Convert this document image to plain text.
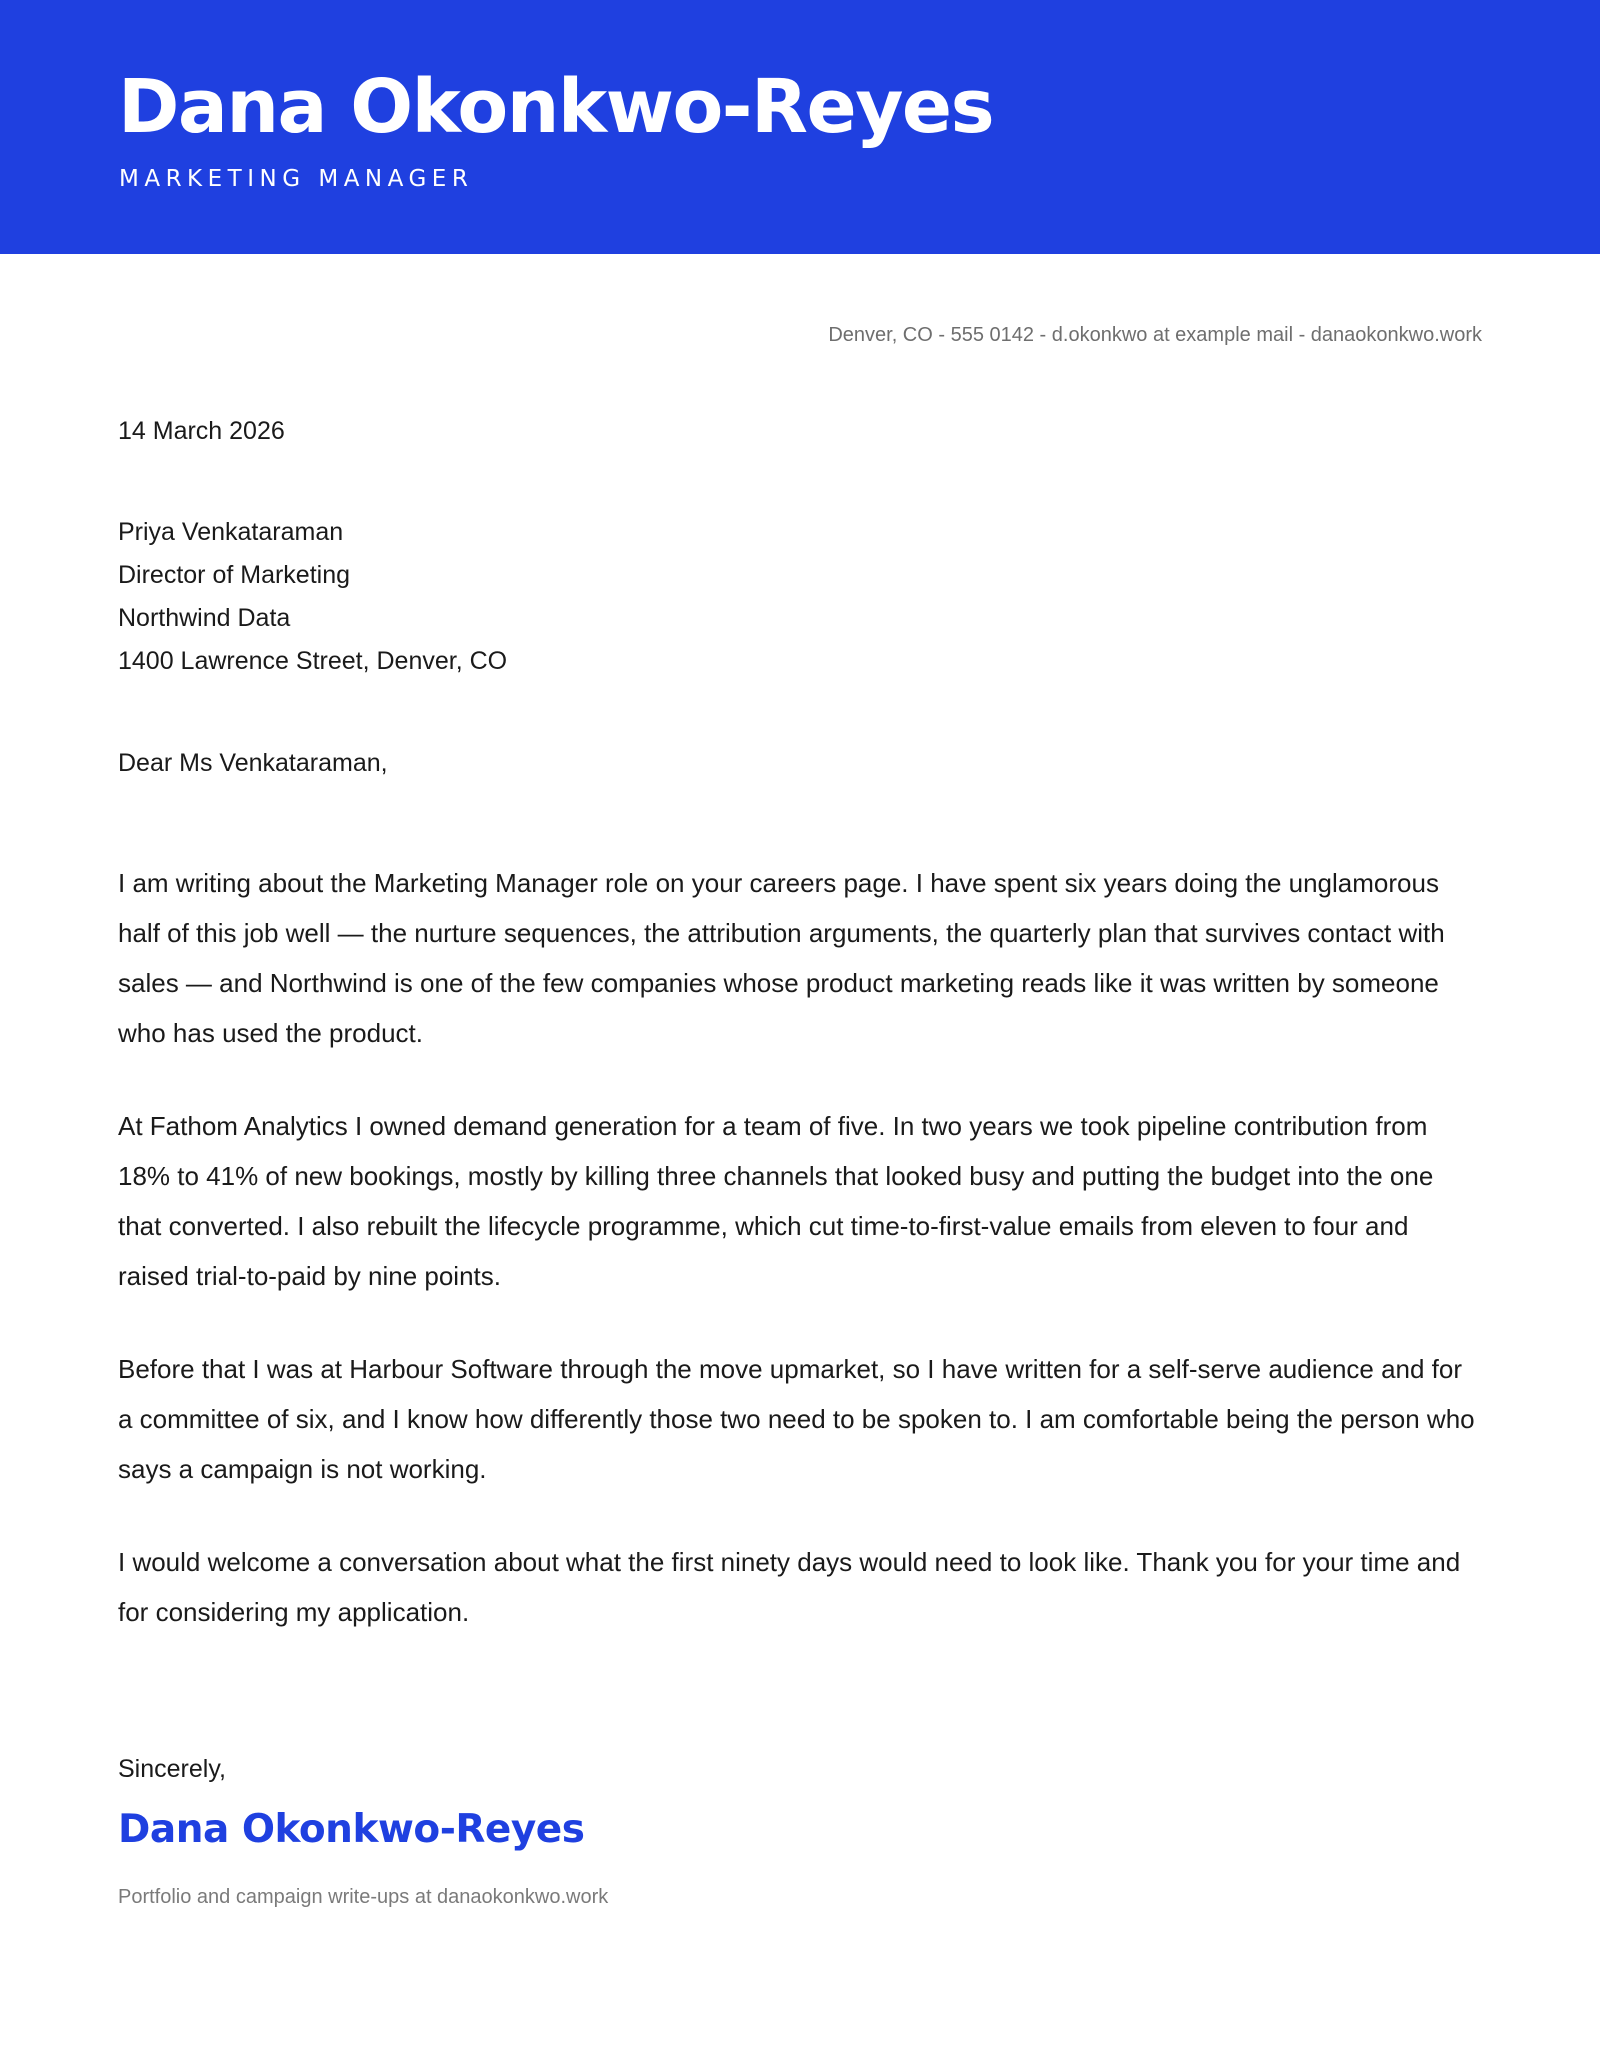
Dana Okonkwo-Reyes
MARKETING MANAGER
Denver, CO - 555 0142 - d.okonkwo at example mail - danaokonkwo.work
14 March 2026
Priya Venkataraman
Director of Marketing
Northwind Data
1400 Lawrence Street, Denver, CO
Dear Ms Venkataraman,

I am writing about the Marketing Manager role on your careers page. I have spent six years doing the unglamorous half of this job well — the nurture sequences, the attribution arguments, the quarterly plan that survives contact with sales — and Northwind is one of the few companies whose product marketing reads like it was written by someone who has used the product.

At Fathom Analytics I owned demand generation for a team of five. In two years we took pipeline contribution from 18% to 41% of new bookings, mostly by killing three channels that looked busy and putting the budget into the one that converted. I also rebuilt the lifecycle programme, which cut time-to-first-value emails from eleven to four and raised trial-to-paid by nine points.

Before that I was at Harbour Software through the move upmarket, so I have written for a self-serve audience and for a committee of six, and I know how differently those two need to be spoken to. I am comfortable being the person who says a campaign is not working.

I would welcome a conversation about what the first ninety days would need to look like. Thank you for your time and for considering my application.

Sincerely,
Dana Okonkwo-Reyes
Portfolio and campaign write-ups at danaokonkwo.work
